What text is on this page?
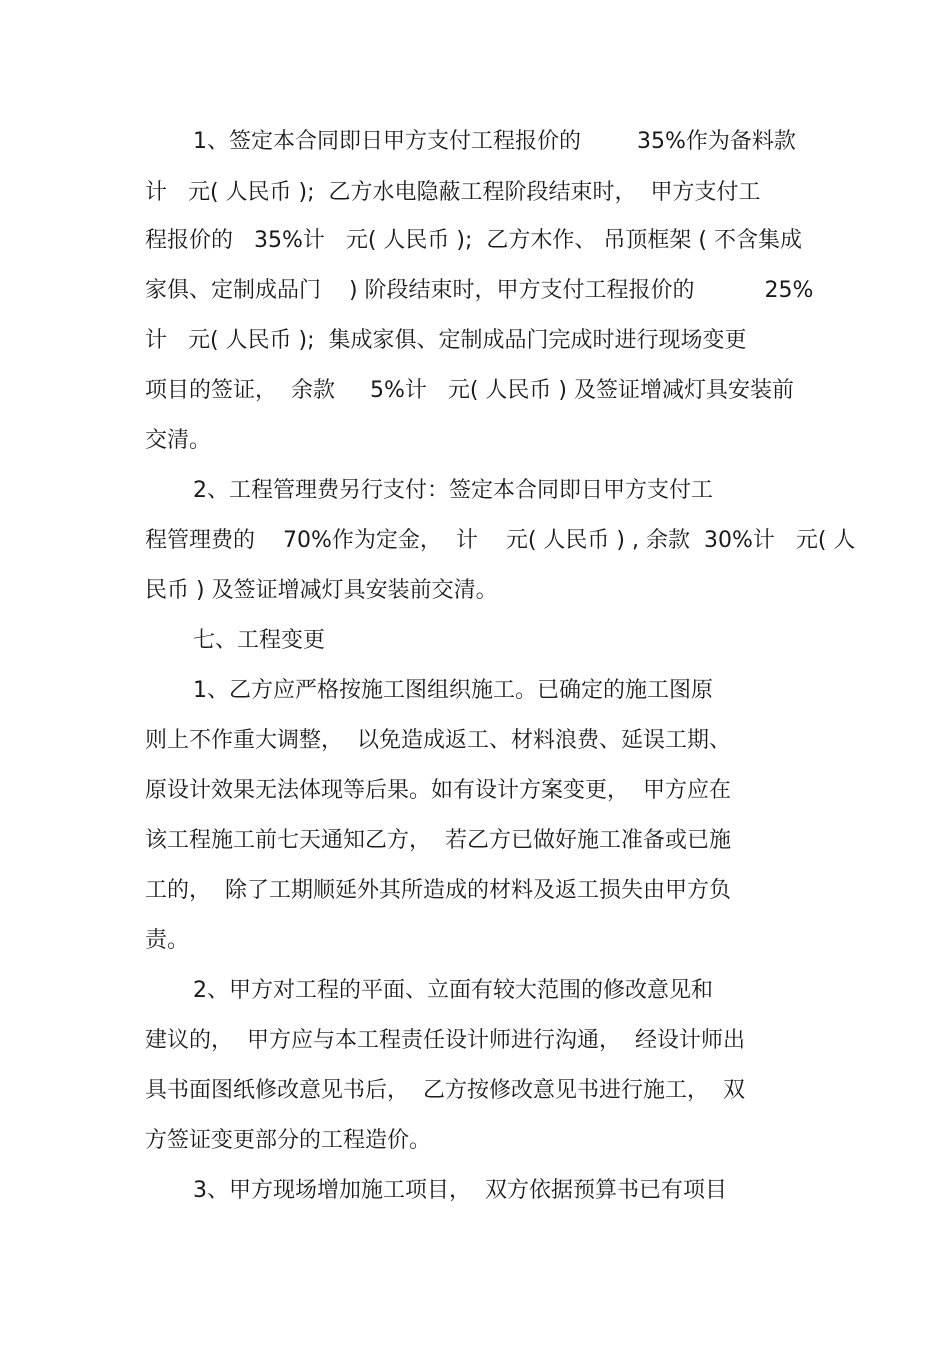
1、签定本合同即日甲方支付工程报价的        35%作为备料款

计   元( 人民币 );  乙方水电隐蔽工程阶段结束时，  甲方支付工

程报价的   35%计   元( 人民币 );  乙方木作、 吊顶框架 ( 不含集成

家俱、定制成品门    ) 阶段结束时，甲方支付工程报价的          25%

计   元( 人民币 );  集成家俱、定制成品门完成时进行现场变更

项目的签证，  余款     5%计   元( 人民币 ) 及签证增减灯具安装前

交清。

2、工程管理费另行支付：签定本合同即日甲方支付工

程管理费的    70%作为定金，  计    元( 人民币 ) , 余款  30%计   元( 人

民币 ) 及签证增减灯具安装前交清。

七、工程变更

1、乙方应严格按施工图组织施工。已确定的施工图原

则上不作重大调整，  以免造成返工、材料浪费、延误工期、

原设计效果无法体现等后果。如有设计方案变更，  甲方应在

该工程施工前七天通知乙方，  若乙方已做好施工准备或已施

工的，  除了工期顺延外其所造成的材料及返工损失由甲方负

责。

2、甲方对工程的平面、立面有较大范围的修改意见和

建议的，  甲方应与本工程责任设计师进行沟通，  经设计师出

具书面图纸修改意见书后，  乙方按修改意见书进行施工，  双

方签证变更部分的工程造价。

3、甲方现场增加施工项目，  双方依据预算书已有项目
